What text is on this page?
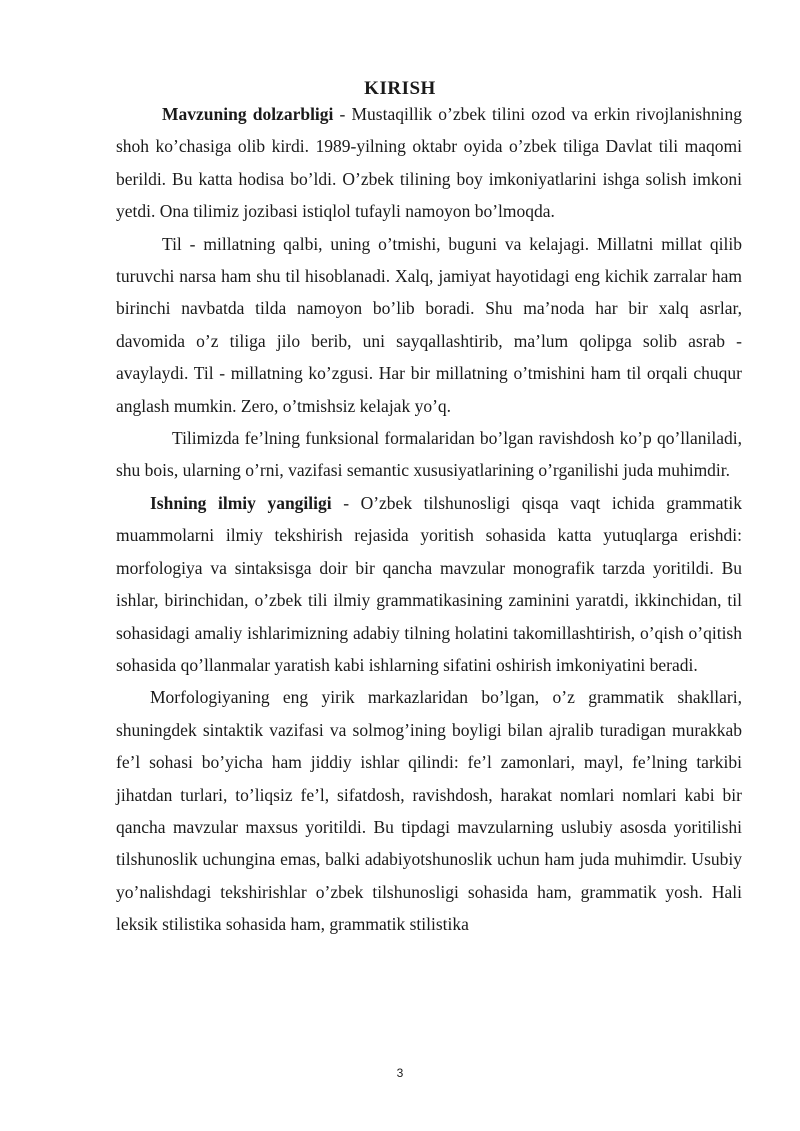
KIRISH

Mavzuning dolzarbligi - Mustaqillik o’zbek tilini ozod va erkin rivojlanishning shoh ko’chasiga olib kirdi. 1989-yilning oktabr oyida o’zbek tiliga Davlat tili maqomi berildi. Bu katta hodisa bo’ldi. O’zbek tilining boy imkoniyatlarini ishga solish imkoni yetdi. Ona tilimiz jozibasi istiqlol tufayli namoyon bo’lmoqda.

Til - millatning qalbi, uning o’tmishi, buguni va kelajagi. Millatni millat qilib turuvchi narsa ham shu til hisoblanadi. Xalq, jamiyat hayotidagi eng kichik zarralar ham birinchi navbatda tilda namoyon bo’lib boradi. Shu ma’noda har bir xalq asrlar, davomida o’z tiliga jilo berib, uni sayqallashtirib, ma’lum qolipga solib asrab - avaylaydi. Til - millatning ko’zgusi. Har bir millatning o’tmishini ham til orqali chuqur anglash mumkin. Zero, o’tmishsiz kelajak yo’q.

Tilimizda fe’lning funksional formalaridan bo’lgan ravishdosh ko’p qo’llaniladi, shu bois, ularning o’rni, vazifasi semantic xususiyatlarining o’rganilishi juda muhimdir.

Ishning ilmiy yangiligi - O’zbek tilshunosligi qisqa vaqt ichida grammatik muammolarni ilmiy tekshirish rejasida yoritish sohasida katta yutuqlarga erishdi: morfologiya va sintaksisga doir bir qancha mavzular monografik tarzda yoritildi. Bu ishlar, birinchidan, o’zbek tili ilmiy grammatikasining zaminini yaratdi, ikkinchidan, til sohasidagi amaliy ishlarimizning adabiy tilning holatini takomillashtirish, o’qish o’qitish sohasida qo’llanmalar yaratish kabi ishlarning sifatini oshirish imkoniyatini beradi.

Morfologiyaning eng yirik markazlaridan bo’lgan, o’z grammatik shakllari, shuningdek sintaktik vazifasi va solmog’ining boyligi bilan ajralib turadigan murakkab fe’l sohasi bo’yicha ham jiddiy ishlar qilindi: fe’l zamonlari, mayl, fe’lning tarkibi jihatdan turlari, to’liqsiz fe’l, sifatdosh, ravishdosh, harakat nomlari nomlari kabi bir qancha mavzular maxsus yoritildi. Bu tipdagi mavzularning uslubiy asosda yoritilishi tilshunoslik uchungina emas, balki adabiyotshunoslik uchun ham juda muhimdir. Usubiy yo’nalishdagi tekshirishlar o’zbek tilshunosligi sohasida ham, grammatik yosh. Hali leksik stilistika sohasida ham, grammatik stilistika

3
